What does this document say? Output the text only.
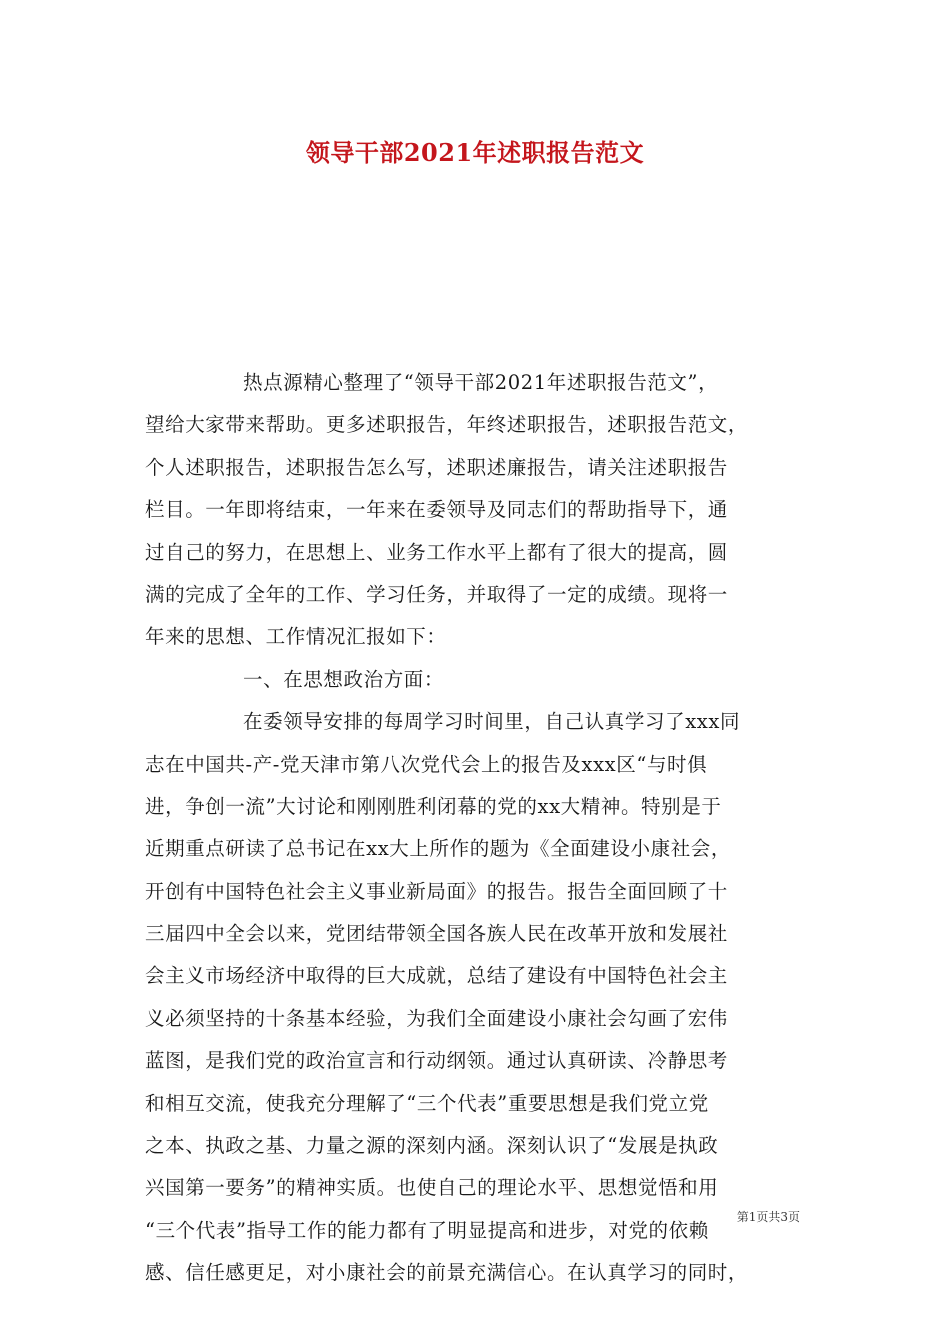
领导干部2021年述职报告范文
热点源精心整理了“领导干部2021年述职报告范文”，
望给大家带来帮助。更多述职报告，年终述职报告，述职报告范文，
个人述职报告，述职报告怎么写，述职述廉报告，请关注述职报告
栏目。一年即将结束，一年来在委领导及同志们的帮助指导下，通
过自己的努力，在思想上、业务工作水平上都有了很大的提高，圆
满的完成了全年的工作、学习任务，并取得了一定的成绩。现将一
年来的思想、工作情况汇报如下：
一、在思想政治方面：
在委领导安排的每周学习时间里，自己认真学习了xxx同
志在中国共-产-党天津市第八次党代会上的报告及xxx区“与时俱
进，争创一流”大讨论和刚刚胜利闭幕的党的xx大精神。特别是于
近期重点研读了总书记在xx大上所作的题为《全面建设小康社会，
开创有中国特色社会主义事业新局面》的报告。报告全面回顾了十
三届四中全会以来，党团结带领全国各族人民在改革开放和发展社
会主义市场经济中取得的巨大成就，总结了建设有中国特色社会主
义必须坚持的十条基本经验，为我们全面建设小康社会勾画了宏伟
蓝图，是我们党的政治宣言和行动纲领。通过认真研读、冷静思考
和相互交流，使我充分理解了“三个代表”重要思想是我们党立党
之本、执政之基、力量之源的深刻内涵。深刻认识了“发展是执政
兴国第一要务”的精神实质。也使自己的理论水平、思想觉悟和用
“三个代表”指导工作的能力都有了明显提高和进步，对党的依赖
感、信任感更足，对小康社会的前景充满信心。在认真学习的同时，
第1页共3页
